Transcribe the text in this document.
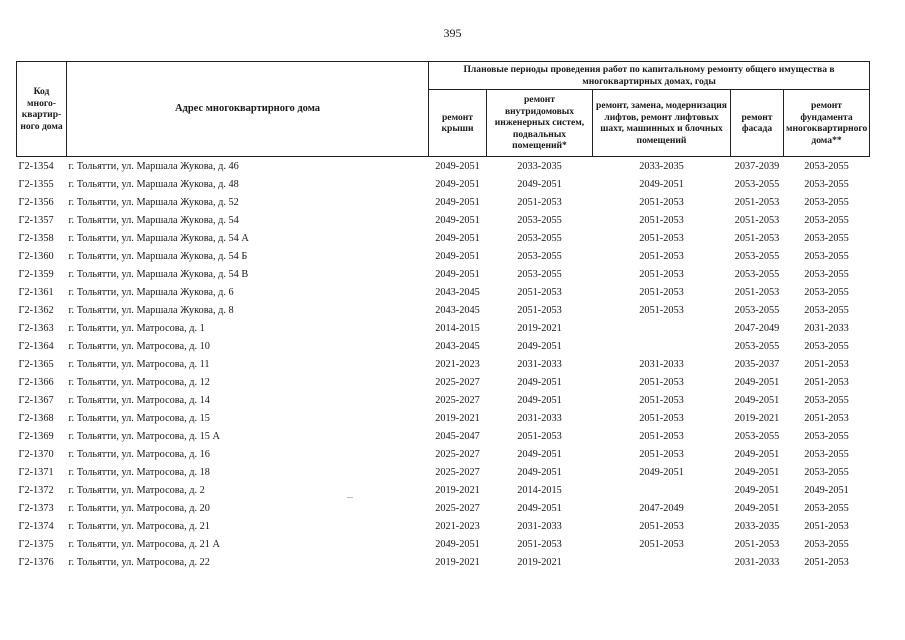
395
Код много-квартир-ного дома	Адрес многоквартирного дома	Плановые периоды проведения работ по капитальному ремонту общего имущества в многоквартирных домах, годы				
		ремонт крыши	ремонт внутридомовых инженерных систем, подвальных помещений*	ремонт, замена, модернизация лифтов, ремонт лифтовых шахт, машинных и блочных помещений	ремонт фасада	ремонт фундамента многоквартирного дома**
Г2-1354	г. Тольятти, ул. Маршала Жукова, д. 46	2049-2051	2033-2035	2033-2035	2037-2039	2053-2055
Г2-1355	г. Тольятти, ул. Маршала Жукова, д. 48	2049-2051	2049-2051	2049-2051	2053-2055	2053-2055
Г2-1356	г. Тольятти, ул. Маршала Жукова, д. 52	2049-2051	2051-2053	2051-2053	2051-2053	2053-2055
Г2-1357	г. Тольятти, ул. Маршала Жукова, д. 54	2049-2051	2053-2055	2051-2053	2051-2053	2053-2055
Г2-1358	г. Тольятти, ул. Маршала Жукова, д. 54 А	2049-2051	2053-2055	2051-2053	2051-2053	2053-2055
Г2-1360	г. Тольятти, ул. Маршала Жукова, д. 54 Б	2049-2051	2053-2055	2051-2053	2053-2055	2053-2055
Г2-1359	г. Тольятти, ул. Маршала Жукова, д. 54 В	2049-2051	2053-2055	2051-2053	2053-2055	2053-2055
Г2-1361	г. Тольятти, ул. Маршала Жукова, д. 6	2043-2045	2051-2053	2051-2053	2051-2053	2053-2055
Г2-1362	г. Тольятти, ул. Маршала Жукова, д. 8	2043-2045	2051-2053	2051-2053	2053-2055	2053-2055
Г2-1363	г. Тольятти, ул. Матросова, д. 1	2014-2015	2019-2021		2047-2049	2031-2033
Г2-1364	г. Тольятти, ул. Матросова, д. 10	2043-2045	2049-2051		2053-2055	2053-2055
Г2-1365	г. Тольятти, ул. Матросова, д. 11	2021-2023	2031-2033	2031-2033	2035-2037	2051-2053
Г2-1366	г. Тольятти, ул. Матросова, д. 12	2025-2027	2049-2051	2051-2053	2049-2051	2051-2053
Г2-1367	г. Тольятти, ул. Матросова, д. 14	2025-2027	2049-2051	2051-2053	2049-2051	2053-2055
Г2-1368	г. Тольятти, ул. Матросова, д. 15	2019-2021	2031-2033	2051-2053	2019-2021	2051-2053
Г2-1369	г. Тольятти, ул. Матросова, д. 15 А	2045-2047	2051-2053	2051-2053	2053-2055	2053-2055
Г2-1370	г. Тольятти, ул. Матросова, д. 16	2025-2027	2049-2051	2051-2053	2049-2051	2053-2055
Г2-1371	г. Тольятти, ул. Матросова, д. 18	2025-2027	2049-2051	2049-2051	2049-2051	2053-2055
Г2-1372	г. Тольятти, ул. Матросова, д. 2	2019-2021	2014-2015		2049-2051	2049-2051
Г2-1373	г. Тольятти, ул. Матросова, д. 20	2025-2027	2049-2051	2047-2049	2049-2051	2053-2055
Г2-1374	г. Тольятти, ул. Матросова, д. 21	2021-2023	2031-2033	2051-2053	2033-2035	2051-2053
Г2-1375	г. Тольятти, ул. Матросова, д. 21 А	2049-2051	2051-2053	2051-2053	2051-2053	2053-2055
Г2-1376	г. Тольятти, ул. Матросова, д. 22	2019-2021	2019-2021		2031-2033	2051-2053
